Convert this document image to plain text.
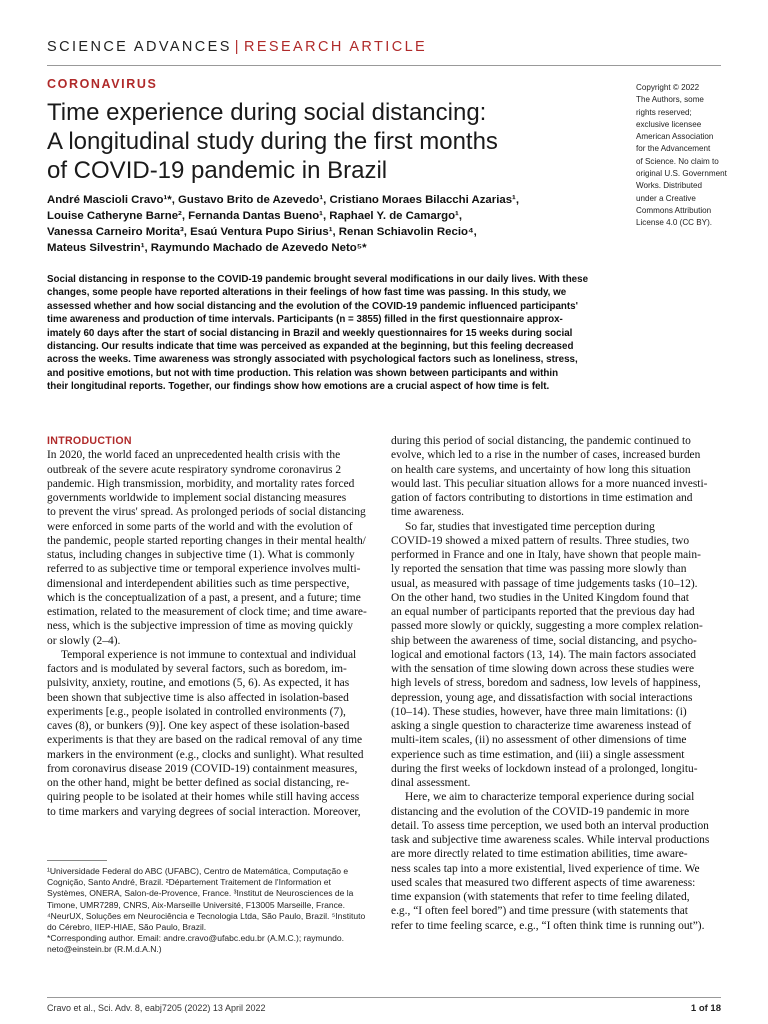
SCIENCE ADVANCES | RESEARCH ARTICLE
CORONAVIRUS
Time experience during social distancing:
A longitudinal study during the first months
of COVID-19 pandemic in Brazil
André Mascioli Cravo¹*, Gustavo Brito de Azevedo¹, Cristiano Moraes Bilacchi Azarias¹,
Louise Catheryne Barne², Fernanda Dantas Bueno¹, Raphael Y. de Camargo¹,
Vanessa Carneiro Morita³, Esaú Ventura Pupo Sirius¹, Renan Schiavolin Recio⁴,
Mateus Silvestrin¹, Raymundo Machado de Azevedo Neto⁵*
Copyright © 2022
The Authors, some
rights reserved;
exclusive licensee
American Association
for the Advancement
of Science. No claim to
original U.S. Government
Works. Distributed
under a Creative
Commons Attribution
License 4.0 (CC BY).
Social distancing in response to the COVID-19 pandemic brought several modifications in our daily lives. With these
changes, some people have reported alterations in their feelings of how fast time was passing. In this study, we
assessed whether and how social distancing and the evolution of the COVID-19 pandemic influenced participants'
time awareness and production of time intervals. Participants (n = 3855) filled in the first questionnaire approx-
imately 60 days after the start of social distancing in Brazil and weekly questionnaires for 15 weeks during social
distancing. Our results indicate that time was perceived as expanded at the beginning, but this feeling decreased
across the weeks. Time awareness was strongly associated with psychological factors such as loneliness, stress,
and positive emotions, but not with time production. This relation was shown between participants and within
their longitudinal reports. Together, our findings show how emotions are a crucial aspect of how time is felt.
INTRODUCTION
In 2020, the world faced an unprecedented health crisis with the
outbreak of the severe acute respiratory syndrome coronavirus 2
pandemic. High transmission, morbidity, and mortality rates forced
governments worldwide to implement social distancing measures
to prevent the virus' spread. As prolonged periods of social distancing
were enforced in some parts of the world and with the evolution of
the pandemic, people started reporting changes in their mental health/
status, including changes in subjective time (1). What is commonly
referred to as subjective time or temporal experience involves multi-
dimensional and interdependent abilities such as time perspective,
which is the conceptualization of a past, a present, and a future; time
estimation, related to the measurement of clock time; and time aware-
ness, which is the subjective impression of time as moving quickly
or slowly (2–4).
Temporal experience is not immune to contextual and individual
factors and is modulated by several factors, such as boredom, im-
pulsivity, anxiety, routine, and emotions (5, 6). As expected, it has
been shown that subjective time is also affected in isolation-based
experiments [e.g., people isolated in controlled environments (7),
caves (8), or bunkers (9)]. One key aspect of these isolation-based
experiments is that they are based on the radical removal of any time
markers in the environment (e.g., clocks and sunlight). What resulted
from coronavirus disease 2019 (COVID-19) containment measures,
on the other hand, might be better defined as social distancing, re-
quiring people to be isolated at their homes while still having access
to time markers and varying degrees of social interaction. Moreover,
during this period of social distancing, the pandemic continued to
evolve, which led to a rise in the number of cases, increased burden
on health care systems, and uncertainty of how long this situation
would last. This peculiar situation allows for a more nuanced investi-
gation of factors contributing to distortions in time estimation and
time awareness.
So far, studies that investigated time perception during
COVID-19 showed a mixed pattern of results. Three studies, two
performed in France and one in Italy, have shown that people main-
ly reported the sensation that time was passing more slowly than
usual, as measured with passage of time judgements tasks (10–12).
On the other hand, two studies in the United Kingdom found that
an equal number of participants reported that the previous day had
passed more slowly or quickly, suggesting a more complex relation-
ship between the awareness of time, social distancing, and psycho-
logical and emotional factors (13, 14). The main factors associated
with the sensation of time slowing down across these studies were
high levels of stress, boredom and sadness, low levels of happiness,
depression, young age, and dissatisfaction with social interactions
(10–14). These studies, however, have three main limitations: (i)
asking a single question to characterize time awareness instead of
multi-item scales, (ii) no assessment of other dimensions of time
experience such as time estimation, and (iii) a single assessment
during the first weeks of lockdown instead of a prolonged, longitu-
dinal assessment.
Here, we aim to characterize temporal experience during social
distancing and the evolution of the COVID-19 pandemic in more
detail. To assess time perception, we used both an interval production
task and subjective time awareness scales. While interval productions
are more directly related to time estimation abilities, time aware-
ness scales tap into a more existential, lived experience of time. We
used scales that measured two different aspects of time awareness:
time expansion (with statements that refer to time feeling dilated,
e.g., “I often feel bored”) and time pressure (with statements that
refer to time feeling scarce, e.g., “I often think time is running out”).
¹Universidade Federal do ABC (UFABC), Centro de Matemática, Computação e
Cognição, Santo André, Brazil. ²Département Traitement de l'Information et
Systèmes, ONERA, Salon-de-Provence, France. ³Institut de Neurosciences de la
Timone, UMR7289, CNRS, Aix-Marseille Université, F13005 Marseille, France.
⁴NeurUX, Soluções em Neurociência e Tecnologia Ltda, São Paulo, Brazil. ⁵Instituto
do Cérebro, IIEP-HIAE, São Paulo, Brazil.
*Corresponding author. Email: andre.cravo@ufabc.edu.br (A.M.C.); raymundo.
neto@einstein.br (R.M.d.A.N.)
Cravo et al., Sci. Adv. 8, eabj7205 (2022) 13 April 2022	1 of 18
